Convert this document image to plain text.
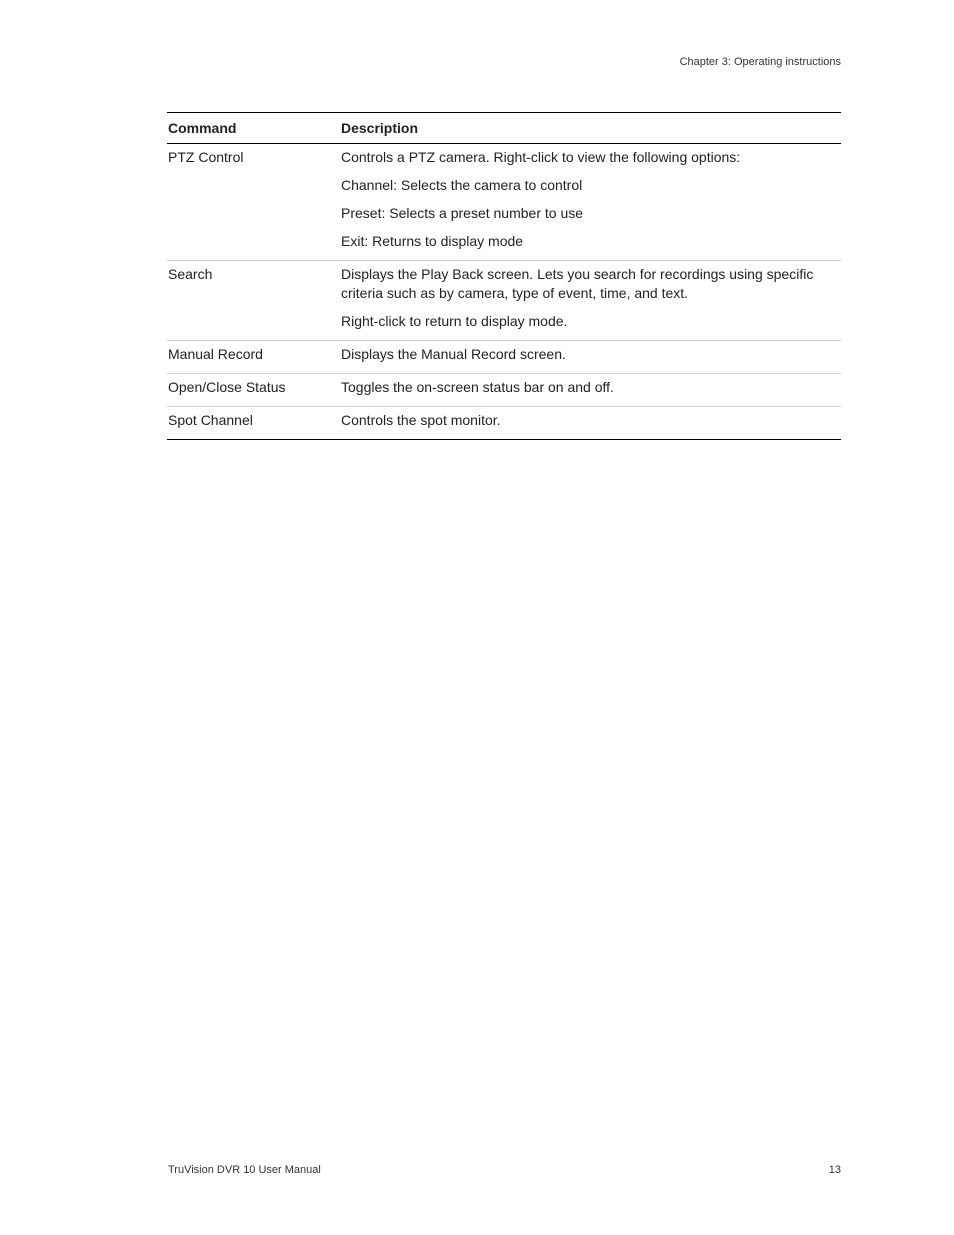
Chapter 3: Operating instructions
Command	Description

PTZ Control	Controls a PTZ camera. Right-click to view the following options:
Channel: Selects the camera to control
Preset: Selects a preset number to use
Exit: Returns to display mode

Search	Displays the Play Back screen. Lets you search for recordings using specific criteria such as by camera, type of event, time, and text.
Right-click to return to display mode.

Manual Record	Displays the Manual Record screen.

Open/Close Status	Toggles the on-screen status bar on and off.

Spot Channel	Controls the spot monitor.
TruVision DVR 10 User Manual	13
